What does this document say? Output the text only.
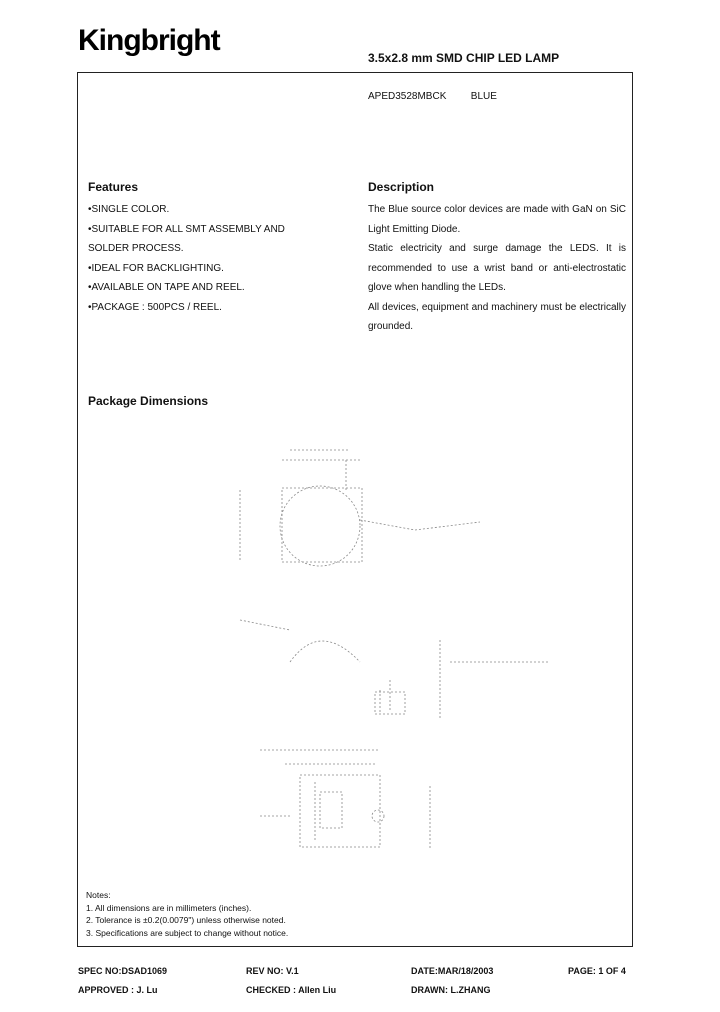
Kingbright
3.5x2.8 mm SMD CHIP LED LAMP
APED3528MBCK BLUE
Features
•SINGLE COLOR.
•SUITABLE FOR ALL SMT ASSEMBLY AND
SOLDER PROCESS.
•IDEAL FOR BACKLIGHTING.
•AVAILABLE ON TAPE AND REEL.
•PACKAGE : 500PCS / REEL.
Description
The Blue source color devices are made with GaN on SiC Light Emitting Diode.
Static electricity and surge damage the LEDS. It is recommended to use a wrist band or anti-electrostatic glove when handling the LEDs.
All devices, equipment and machinery must be electrically grounded.
Package Dimensions
Notes:
1. All dimensions are in millimeters (inches).
2. Tolerance is ±0.2(0.0079") unless otherwise noted.
3. Specifications are subject to change without notice.
SPEC NO:DSAD1069	REV NO: V.1	DATE:MAR/18/2003	PAGE: 1 OF 4
APPROVED : J. Lu	CHECKED : Allen Liu	DRAWN: L.ZHANG
